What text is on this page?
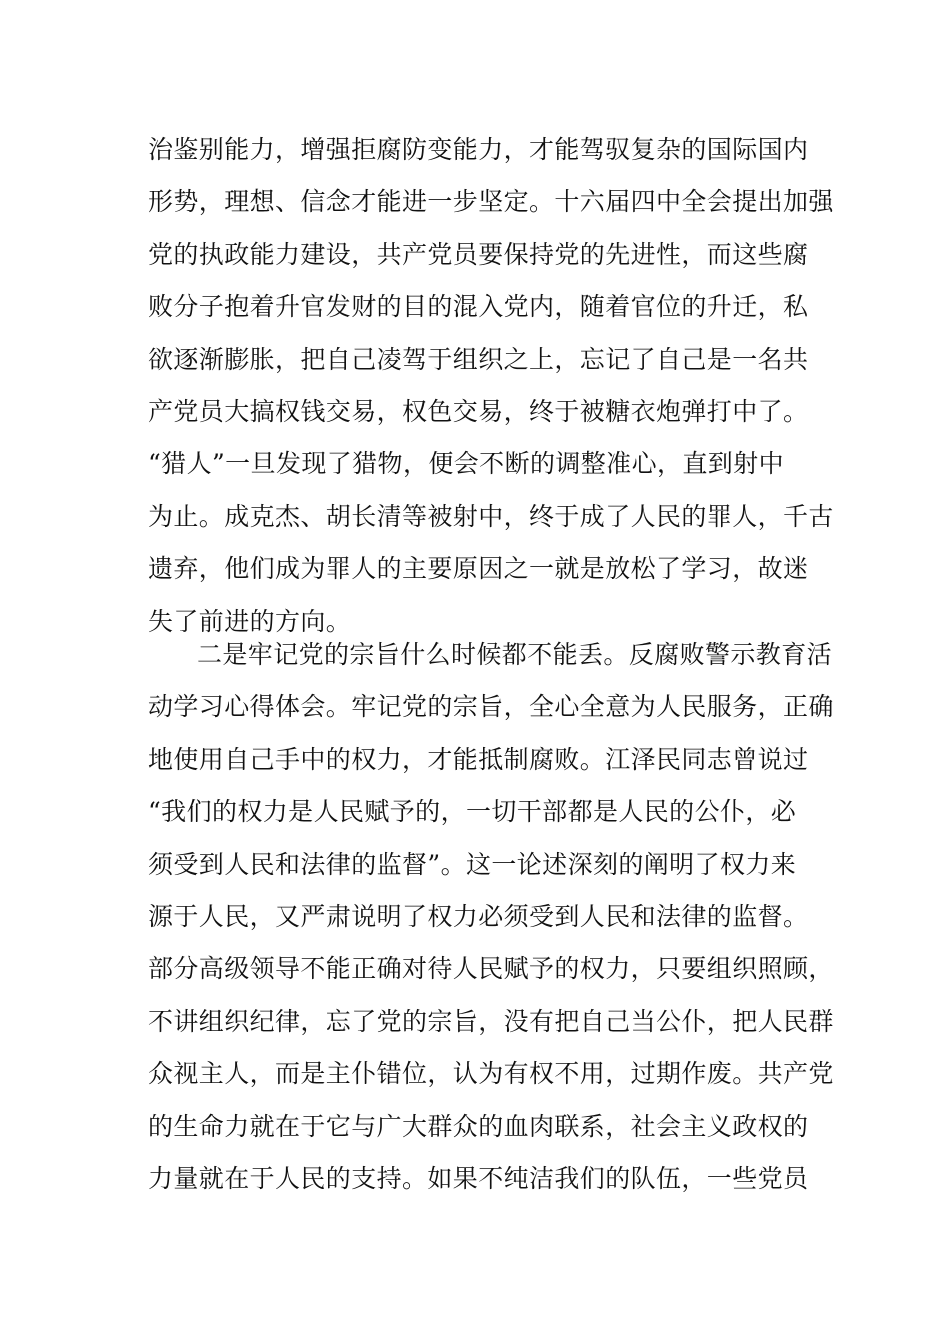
治鉴别能力，增强拒腐防变能力，才能驾驭复杂的国际国内
形势，理想、信念才能进一步坚定。十六届四中全会提出加强
党的执政能力建设，共产党员要保持党的先进性，而这些腐
败分子抱着升官发财的目的混入党内，随着官位的升迁，私
欲逐渐膨胀，把自己凌驾于组织之上，忘记了自己是一名共
产党员大搞权钱交易，权色交易，终于被糖衣炮弹打中了。
“猎人”一旦发现了猎物，便会不断的调整准心，直到射中
为止。成克杰、胡长清等被射中，终于成了人民的罪人，千古
遗弃，他们成为罪人的主要原因之一就是放松了学习，故迷
失了前进的方向。
二是牢记党的宗旨什么时候都不能丢。反腐败警示教育活
动学习心得体会。牢记党的宗旨，全心全意为人民服务，正确
地使用自己手中的权力，才能抵制腐败。江泽民同志曾说过
“我们的权力是人民赋予的，一切干部都是人民的公仆，必
须受到人民和法律的监督”。这一论述深刻的阐明了权力来
源于人民，又严肃说明了权力必须受到人民和法律的监督。
部分高级领导不能正确对待人民赋予的权力，只要组织照顾，
不讲组织纪律，忘了党的宗旨，没有把自己当公仆，把人民群
众视主人，而是主仆错位，认为有权不用，过期作废。共产党
的生命力就在于它与广大群众的血肉联系，社会主义政权的
力量就在于人民的支持。如果不纯洁我们的队伍，一些党员
